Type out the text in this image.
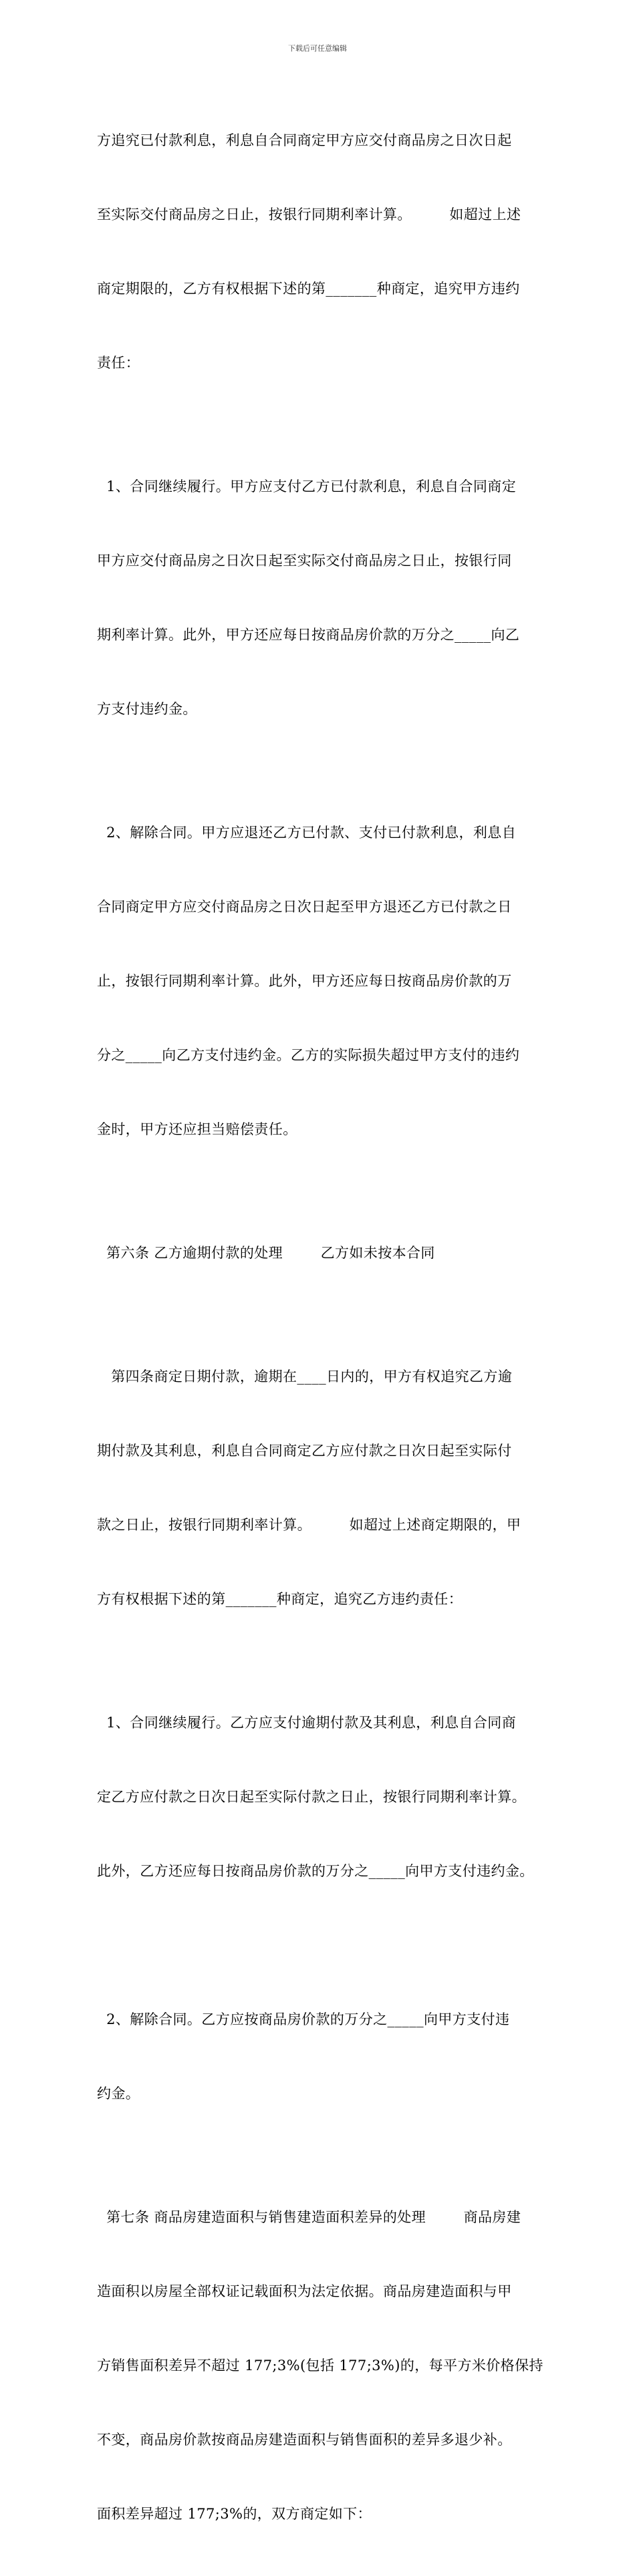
下载后可任意编辑

方追究已付款利息，利息自合同商定甲方应交付商品房之日次日起

至实际交付商品房之日止，按银行同期利率计算。        如超过上述

商定期限的，乙方有权根据下述的第_______种商定，追究甲方违约

责任：

1、合同继续履行。甲方应支付乙方已付款利息，利息自合同商定

甲方应交付商品房之日次日起至实际交付商品房之日止，按银行同

期利率计算。此外，甲方还应每日按商品房价款的万分之_____向乙

方支付违约金。

2、解除合同。甲方应退还乙方已付款、支付已付款利息，利息自

合同商定甲方应交付商品房之日次日起至甲方退还乙方已付款之日

止，按银行同期利率计算。此外，甲方还应每日按商品房价款的万

分之_____向乙方支付违约金。乙方的实际损失超过甲方支付的违约

金时，甲方还应担当赔偿责任。

第六条 乙方逾期付款的处理        乙方如未按本合同

第四条商定日期付款，逾期在____日内的，甲方有权追究乙方逾

期付款及其利息，利息自合同商定乙方应付款之日次日起至实际付

款之日止，按银行同期利率计算。        如超过上述商定期限的，甲

方有权根据下述的第_______种商定，追究乙方违约责任：

1、合同继续履行。乙方应支付逾期付款及其利息，利息自合同商

定乙方应付款之日次日起至实际付款之日止，按银行同期利率计算。

此外，乙方还应每日按商品房价款的万分之_____向甲方支付违约金。

2、解除合同。乙方应按商品房价款的万分之_____向甲方支付违

约金。

第七条 商品房建造面积与销售建造面积差异的处理        商品房建

造面积以房屋全部权证记载面积为法定依据。商品房建造面积与甲

方销售面积差异不超过 177;3%(包括 177;3%)的，每平方米价格保持

不变，商品房价款按商品房建造面积与销售面积的差异多退少补。

面积差异超过 177;3%的，双方商定如下：
